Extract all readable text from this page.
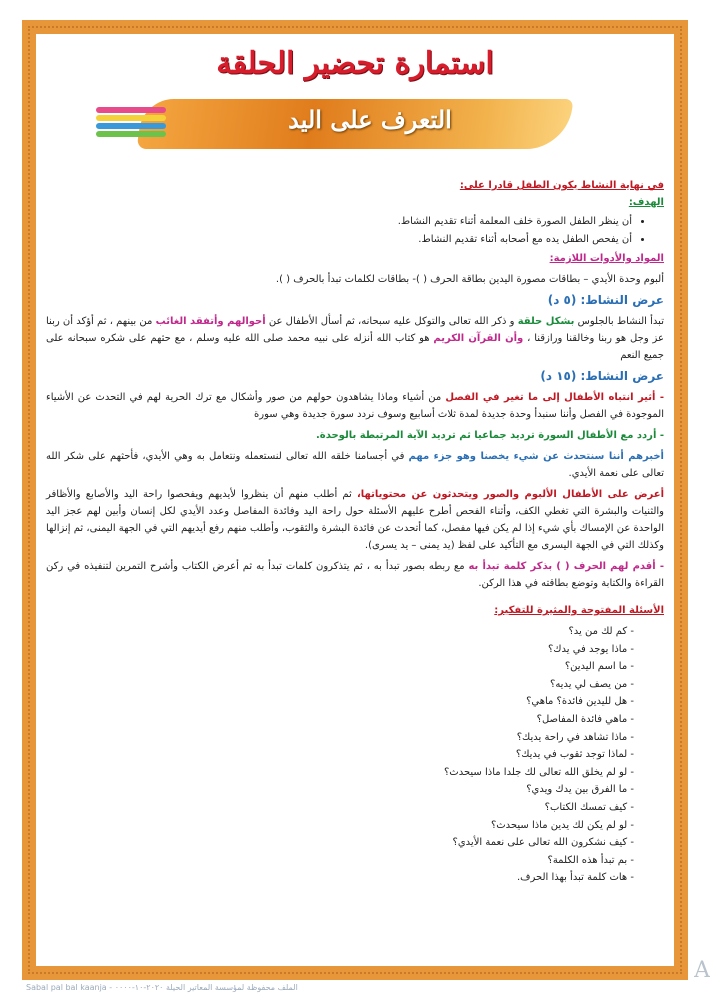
استمارة تحضير الحلقة
التعرف على اليد
في نهاية النشاط يكون الطفل قادرا على:
الهدف:
• أن ينظر الطفل الصورة خلف المعلمة أثناء تقديم النشاط.
• أن يفحص الطفل يده مع أصحابه أثناء تقديم النشاط.
المواد والأدوات اللازمة:

ألبوم وحدة الأيدي – بطاقات مصورة اليدين بطاقة الحرف ( )- بطاقات لكلمات تبدأ بالحرف ( ).

عرض النشاط: (٥ د)

تبدأ النشاط بالجلوس بشكل حلقة و ذكر الله تعالى والتوكل عليه سبحانه، ثم أسأل الأطفال عن أحوالهم وأتفقد الغائب من بينهم ، ثم أؤكد أن ربنا عز وجل هو ربنا وخالقنا ورازقنا ، وأن القرآن الكريم هو كتاب الله أنزله على نبيه محمد صلى الله عليه وسلم ، مع حثهم على شكره سبحانه على جميع النعم

عرض النشاط: (١٥ د)

- أثير انتباه الأطفال إلى ما تغير في الفصل من أشياء وماذا يشاهدون حولهم من صور وأشكال مع ترك الحرية لهم في التحدث عن الأشياء الموجودة في الفصل وأننا سنبدأ وحدة جديدة لمدة ثلاث أسابيع وسوف نردد سورة جديدة وهي سورة

- أردد مع الأطفال السورة ترديد جماعيا ثم ترديد الآية المرتبطة بالوحدة.

أخبرهم أننا سنتحدث عن شيء يخصنا وهو جزء مهم في أجسامنا خلقه الله تعالى لنستعمله ونتعامل به وهي الأيدي، فأحثهم على شكر الله تعالى على نعمة الأيدي.

أعرض على الأطفال الألبوم والصور ويتحدثون عن محتوياتها، ثم أطلب منهم أن ينظروا لأيديهم ويفحصوا راحة اليد والأصابع والأظافر والثنيات والبشرة التي تغطي الكف، وأثناء الفحص أطرح عليهم الأسئلة حول راحة اليد وفائدة المفاصل وعدد الأيدي لكل إنسان وأبين لهم عجز اليد الواحدة عن الإمساك بأي شيء إذا لم يكن فيها مفصل، كما أتحدث عن فائدة البشرة والثقوب، وأطلب منهم رفع أيديهم التي في الجهة اليمنى، ثم إنزالها وكذلك التي في الجهة اليسرى مع التأكيد على لفظ (يد يمنى – يد يسرى).

- أقدم لهم الحرف ( ) بذكر كلمة تبدأ به مع ربطه بصور تبدأ به ، ثم يتذكرون كلمات تبدأ به ثم أعرض الكتاب وأشرح التمرين لتنفيذه في ركن القراءة والكتابة وتوضع بطاقته في هذا الركن.

الأسئلة المفتوحة والمثيرة للتفكير:
- كم لك من يد؟
- ماذا يوجد في يدك؟
- ما اسم اليدين؟
- من يصف لي يديه؟
- هل لليدين فائدة؟ ماهي؟
- ماهي فائدة المفاصل؟
- ماذا تشاهد في راحة يديك؟
- لماذا توجد ثقوب في يديك؟
- لو لم يخلق الله تعالى لك جلدا ماذا سيحدث؟
- ما الفرق بين يدك ويدي؟
- كيف تمسك الكتاب؟
- لو لم يكن لك يدين ماذا سيحدث؟
- كيف نشكرون الله تعالى على نعمة الأيدي؟
- بم تبدأ هذه الكلمة؟
- هات كلمة تبدأ بهذا الحرف.
الملف محفوظة لمؤسسة المعاتير الحيلة ٢٠٢٠-١٠-٠٠٠٠ - Sabal pal bal kaanja
A
